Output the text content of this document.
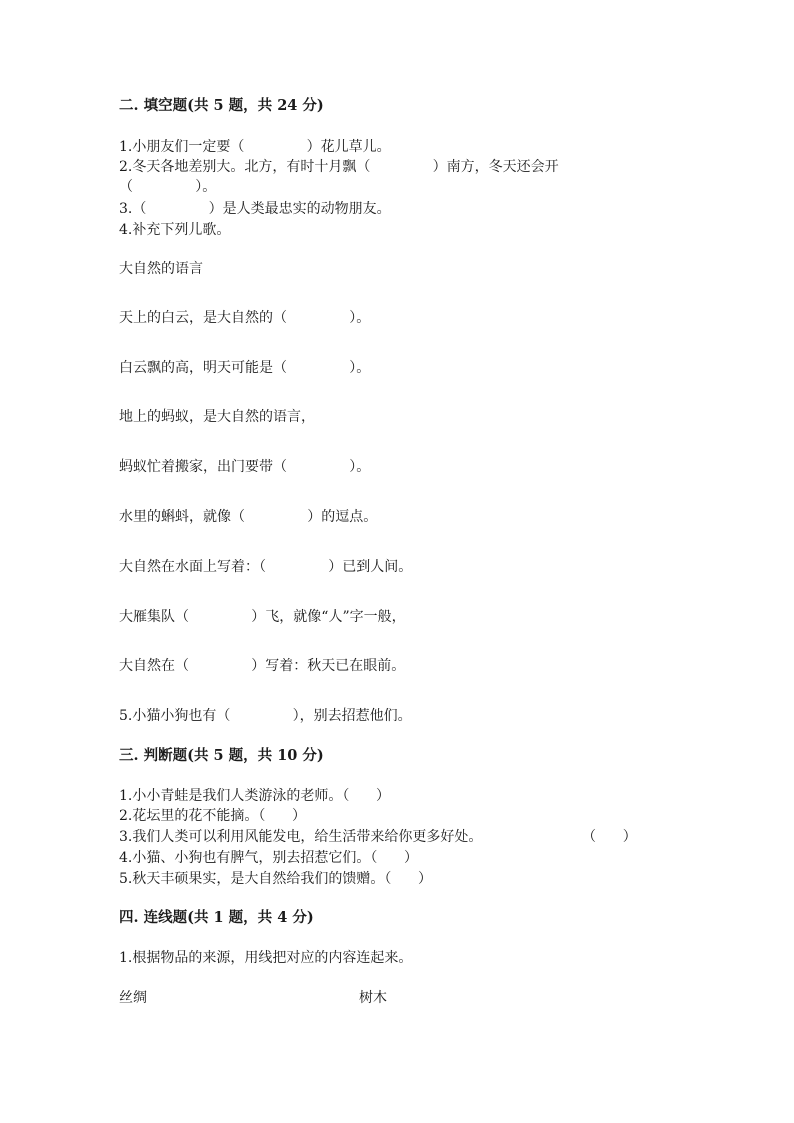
二. 填空题(共 5 题，共 24 分)
1.小朋友们一定要（              ）花儿草儿。
2.冬天各地差别大。北方，有时十月飘（              ）南方，冬天还会开
（              ）。
3.（              ）是人类最忠实的动物朋友。
4.补充下列儿歌。
大自然的语言
天上的白云，是大自然的（              ）。
白云飘的高，明天可能是（              ）。
地上的蚂蚁，是大自然的语言，
蚂蚁忙着搬家，出门要带（              ）。
水里的蝌蚪，就像（              ）的逗点。
大自然在水面上写着：（              ）已到人间。
大雁集队（              ）飞，就像“人”字一般，
大自然在（              ）写着：秋天已在眼前。
5.小猫小狗也有（              ），别去招惹他们。
三. 判断题(共 5 题，共 10 分)
1.小小青蛙是我们人类游泳的老师。（      ）
2.花坛里的花不能摘。（      ）
3.我们人类可以利用风能发电，给生活带来给你更多好处。	（      ）
4.小猫、小狗也有脾气，别去招惹它们。（      ）
5.秋天丰硕果实，是大自然给我们的馈赠。（      ）
四. 连线题(共 1 题，共 4 分)
1.根据物品的来源，用线把对应的内容连起来。
丝绸	树木
